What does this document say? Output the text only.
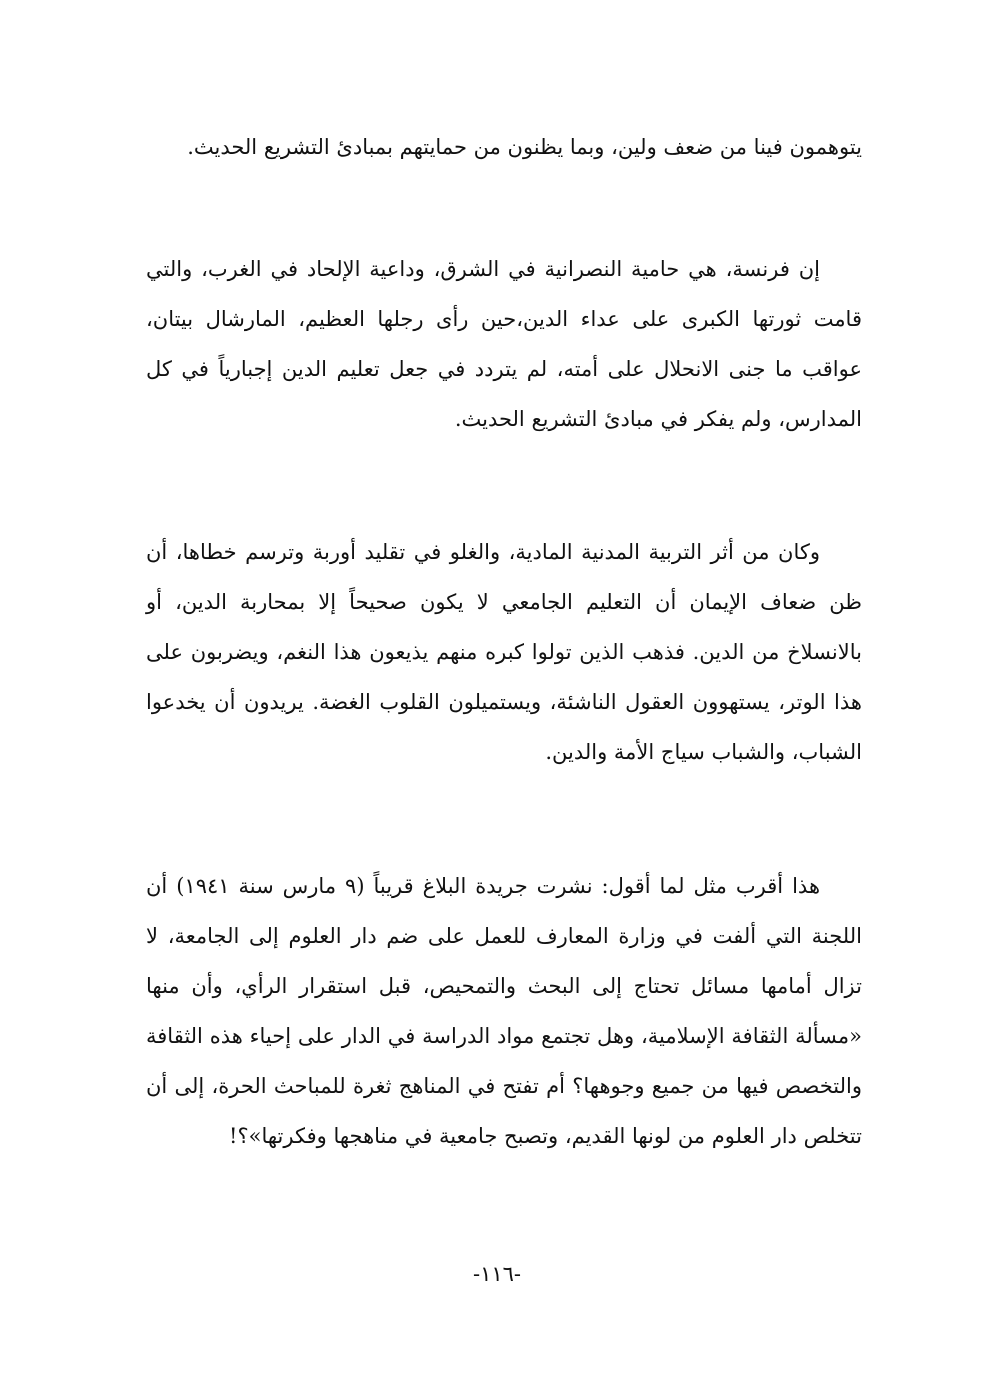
يتوهمون فينا من ضعف ولين، وبما يظنون من حمايتهم بمبادئ التشريع الحديث.

إن فرنسة، هي حامية النصرانية في الشرق، وداعية الإلحاد في الغرب، والتي قامت ثورتها الكبرى على عداء الدين،حين رأى رجلها العظيم، المارشال بيتان، عواقب ما جنى الانحلال على أمته، لم يتردد في جعل تعليم الدين إجبارياً في كل المدارس، ولم يفكر في مبادئ التشريع الحديث.

وكان من أثر التربية المدنية المادية، والغلو في تقليد أوربة وترسم خطاها، أن ظن ضعاف الإيمان أن التعليم الجامعي لا يكون صحيحاً إلا بمحاربة الدين، أو بالانسلاخ من الدين. فذهب الذين تولوا كبره منهم يذيعون هذا النغم، ويضربون على هذا الوتر، يستهوون العقول الناشئة، ويستميلون القلوب الغضة. يريدون أن يخدعوا الشباب، والشباب سياج الأمة والدين.

هذا أقرب مثل لما أقول: نشرت جريدة البلاغ قريباً (٩ مارس سنة ١٩٤١) أن اللجنة التي ألفت في وزارة المعارف للعمل على ضم دار العلوم إلى الجامعة، لا تزال أمامها مسائل تحتاج إلى البحث والتمحيص، قبل استقرار الرأي، وأن منها «مسألة الثقافة الإسلامية، وهل تجتمع مواد الدراسة في الدار على إحياء هذه الثقافة والتخصص فيها من جميع وجوهها؟ أم تفتح في المناهج ثغرة للمباحث الحرة، إلى أن تتخلص دار العلوم من لونها القديم، وتصبح جامعية في مناهجها وفكرتها»؟!

-١١٦-
